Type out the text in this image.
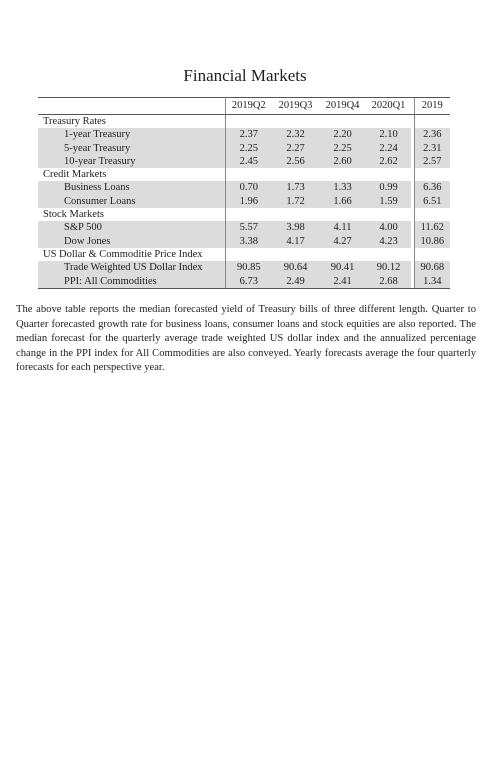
Financial Markets
	2019Q2	2019Q3	2019Q4	2020Q1		2019
Treasury Rates						
1-year Treasury	2.37	2.32	2.20	2.10		2.36
5-year Treasury	2.25	2.27	2.25	2.24		2.31
10-year Treasury	2.45	2.56	2.60	2.62		2.57
Credit Markets						
Business Loans	0.70	1.73	1.33	0.99		6.36
Consumer Loans	1.96	1.72	1.66	1.59		6.51
Stock Markets						
S&P 500	5.57	3.98	4.11	4.00		11.62
Dow Jones	3.38	4.17	4.27	4.23		10.86
US Dollar & Commoditie Price Index						
Trade Weighted US Dollar Index	90.85	90.64	90.41	90.12		90.68
PPI: All Commodities	6.73	2.49	2.41	2.68		1.34
The above table reports the median forecasted yield of Treasury bills of three different length. Quarter to Quarter forecasted growth rate for business loans, consumer loans and stock equities are also reported. The median forecast for the quarterly average trade weighted US dollar index and the annualized percentage change in the PPI index for All Commodities are also conveyed. Yearly forecasts average the four quarterly forecasts for each perspective year.
